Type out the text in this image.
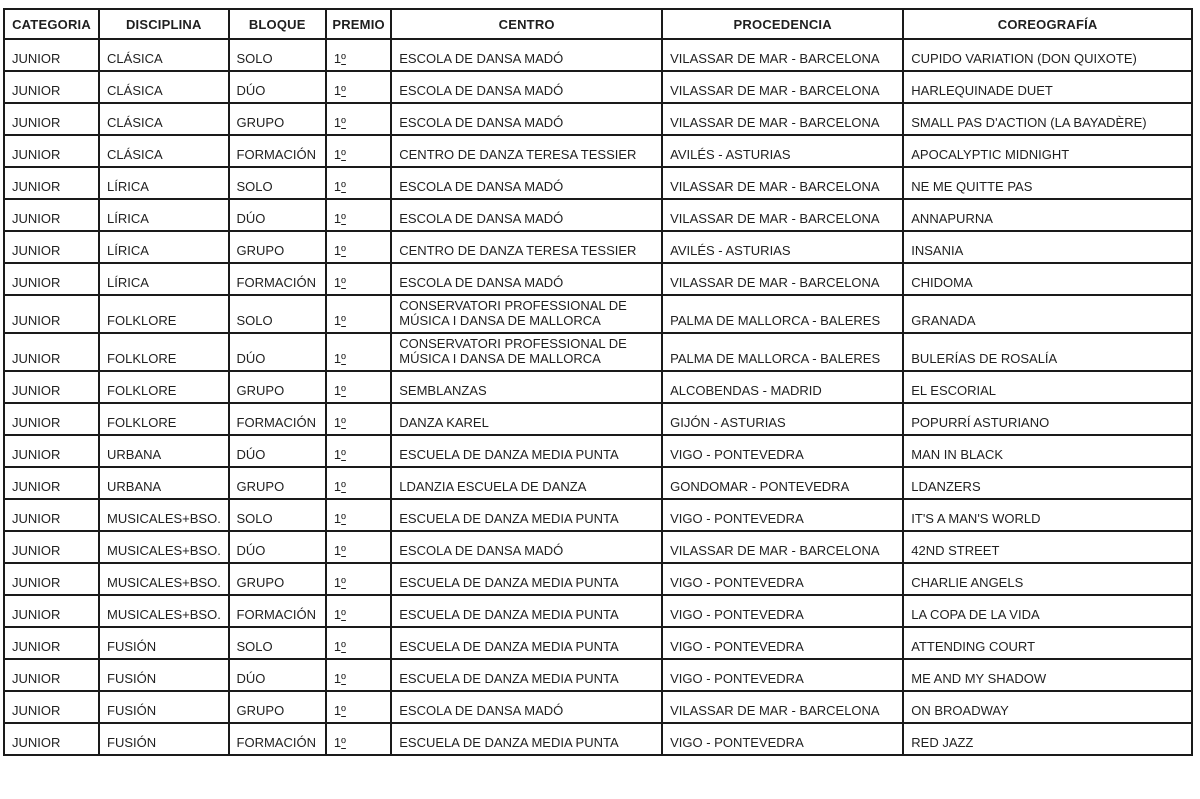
CATEGORIA	DISCIPLINA	BLOQUE	PREMIO	CENTRO	PROCEDENCIA	COREOGRAFÍA
JUNIOR	CLÁSICA	SOLO	1º	ESCOLA DE DANSA MADÓ	VILASSAR DE MAR - BARCELONA	CUPIDO VARIATION (DON QUIXOTE)
JUNIOR	CLÁSICA	DÚO	1º	ESCOLA DE DANSA MADÓ	VILASSAR DE MAR - BARCELONA	HARLEQUINADE DUET
JUNIOR	CLÁSICA	GRUPO	1º	ESCOLA DE DANSA MADÓ	VILASSAR DE MAR - BARCELONA	SMALL PAS D'ACTION (LA BAYADÈRE)
JUNIOR	CLÁSICA	FORMACIÓN	1º	CENTRO DE DANZA TERESA TESSIER	AVILÉS - ASTURIAS	APOCALYPTIC MIDNIGHT
JUNIOR	LÍRICA	SOLO	1º	ESCOLA DE DANSA MADÓ	VILASSAR DE MAR - BARCELONA	NE ME QUITTE PAS
JUNIOR	LÍRICA	DÚO	1º	ESCOLA DE DANSA MADÓ	VILASSAR DE MAR - BARCELONA	ANNAPURNA
JUNIOR	LÍRICA	GRUPO	1º	CENTRO DE DANZA TERESA TESSIER	AVILÉS - ASTURIAS	INSANIA
JUNIOR	LÍRICA	FORMACIÓN	1º	ESCOLA DE DANSA MADÓ	VILASSAR DE MAR - BARCELONA	CHIDOMA
JUNIOR	FOLKLORE	SOLO	1º	CONSERVATORI PROFESSIONAL DE MÚSICA I DANSA DE MALLORCA	PALMA DE MALLORCA - BALERES	GRANADA
JUNIOR	FOLKLORE	DÚO	1º	CONSERVATORI PROFESSIONAL DE MÚSICA I DANSA DE MALLORCA	PALMA DE MALLORCA - BALERES	BULERÍAS DE ROSALÍA
JUNIOR	FOLKLORE	GRUPO	1º	SEMBLANZAS	ALCOBENDAS - MADRID	EL ESCORIAL
JUNIOR	FOLKLORE	FORMACIÓN	1º	DANZA KAREL	GIJÓN - ASTURIAS	POPURRÍ ASTURIANO
JUNIOR	URBANA	DÚO	1º	ESCUELA DE DANZA MEDIA PUNTA	VIGO - PONTEVEDRA	MAN IN BLACK
JUNIOR	URBANA	GRUPO	1º	LDANZIA ESCUELA DE DANZA	GONDOMAR - PONTEVEDRA	LDANZERS
JUNIOR	MUSICALES+BSO.	SOLO	1º	ESCUELA DE DANZA MEDIA PUNTA	VIGO - PONTEVEDRA	IT'S A MAN'S WORLD
JUNIOR	MUSICALES+BSO.	DÚO	1º	ESCOLA DE DANSA MADÓ	VILASSAR DE MAR - BARCELONA	42ND STREET
JUNIOR	MUSICALES+BSO.	GRUPO	1º	ESCUELA DE DANZA MEDIA PUNTA	VIGO - PONTEVEDRA	CHARLIE ANGELS
JUNIOR	MUSICALES+BSO.	FORMACIÓN	1º	ESCUELA DE DANZA MEDIA PUNTA	VIGO - PONTEVEDRA	LA COPA DE LA VIDA
JUNIOR	FUSIÓN	SOLO	1º	ESCUELA DE DANZA MEDIA PUNTA	VIGO - PONTEVEDRA	ATTENDING COURT
JUNIOR	FUSIÓN	DÚO	1º	ESCUELA DE DANZA MEDIA PUNTA	VIGO - PONTEVEDRA	ME AND MY SHADOW
JUNIOR	FUSIÓN	GRUPO	1º	ESCOLA DE DANSA MADÓ	VILASSAR DE MAR - BARCELONA	ON BROADWAY
JUNIOR	FUSIÓN	FORMACIÓN	1º	ESCUELA DE DANZA MEDIA PUNTA	VIGO - PONTEVEDRA	RED JAZZ
